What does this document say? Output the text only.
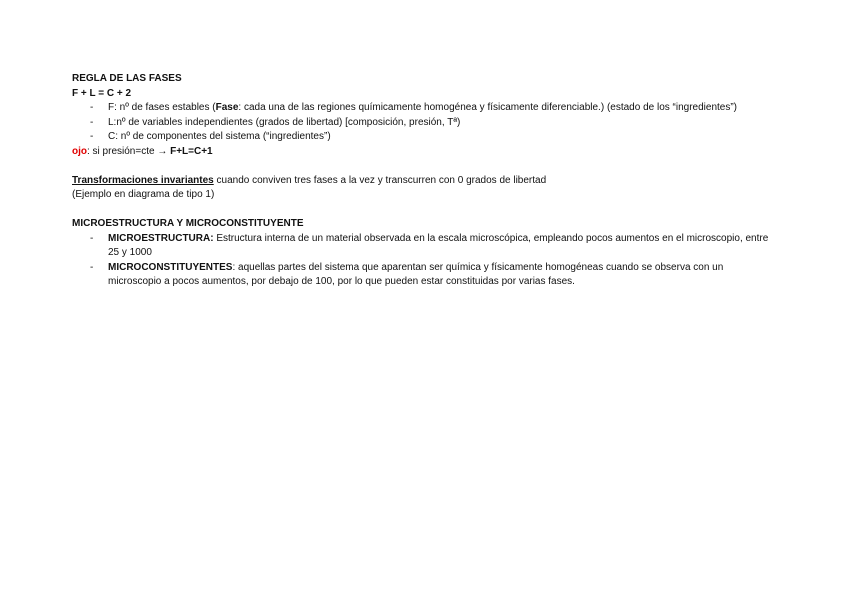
REGLA DE LAS FASES
F + L = C + 2
- F: nº de fases estables (Fase: cada una de las regiones químicamente homogénea y físicamente diferenciable.) (estado de los “ingredientes”)
- L:nº de variables independientes (grados de libertad) [composición, presión, Tª)
- C: nº de componentes del sistema (“ingredientes”)
ojo: si presión=cte → F+L=C+1
Transformaciones invariantes cuando conviven tres fases a la vez y transcurren con 0 grados de libertad
(Ejemplo en diagrama de tipo 1)
MICROESTRUCTURA Y MICROCONSTITUYENTE
- MICROESTRUCTURA: Estructura interna de un material observada en la escala microscópica, empleando pocos aumentos en el microscopio, entre 25 y 1000
- MICROCONSTITUYENTES: aquellas partes del sistema que aparentan ser química y físicamente homogéneas cuando se observa con un microscopio a pocos aumentos, por debajo de 100, por lo que pueden estar constituidas por varias fases.
